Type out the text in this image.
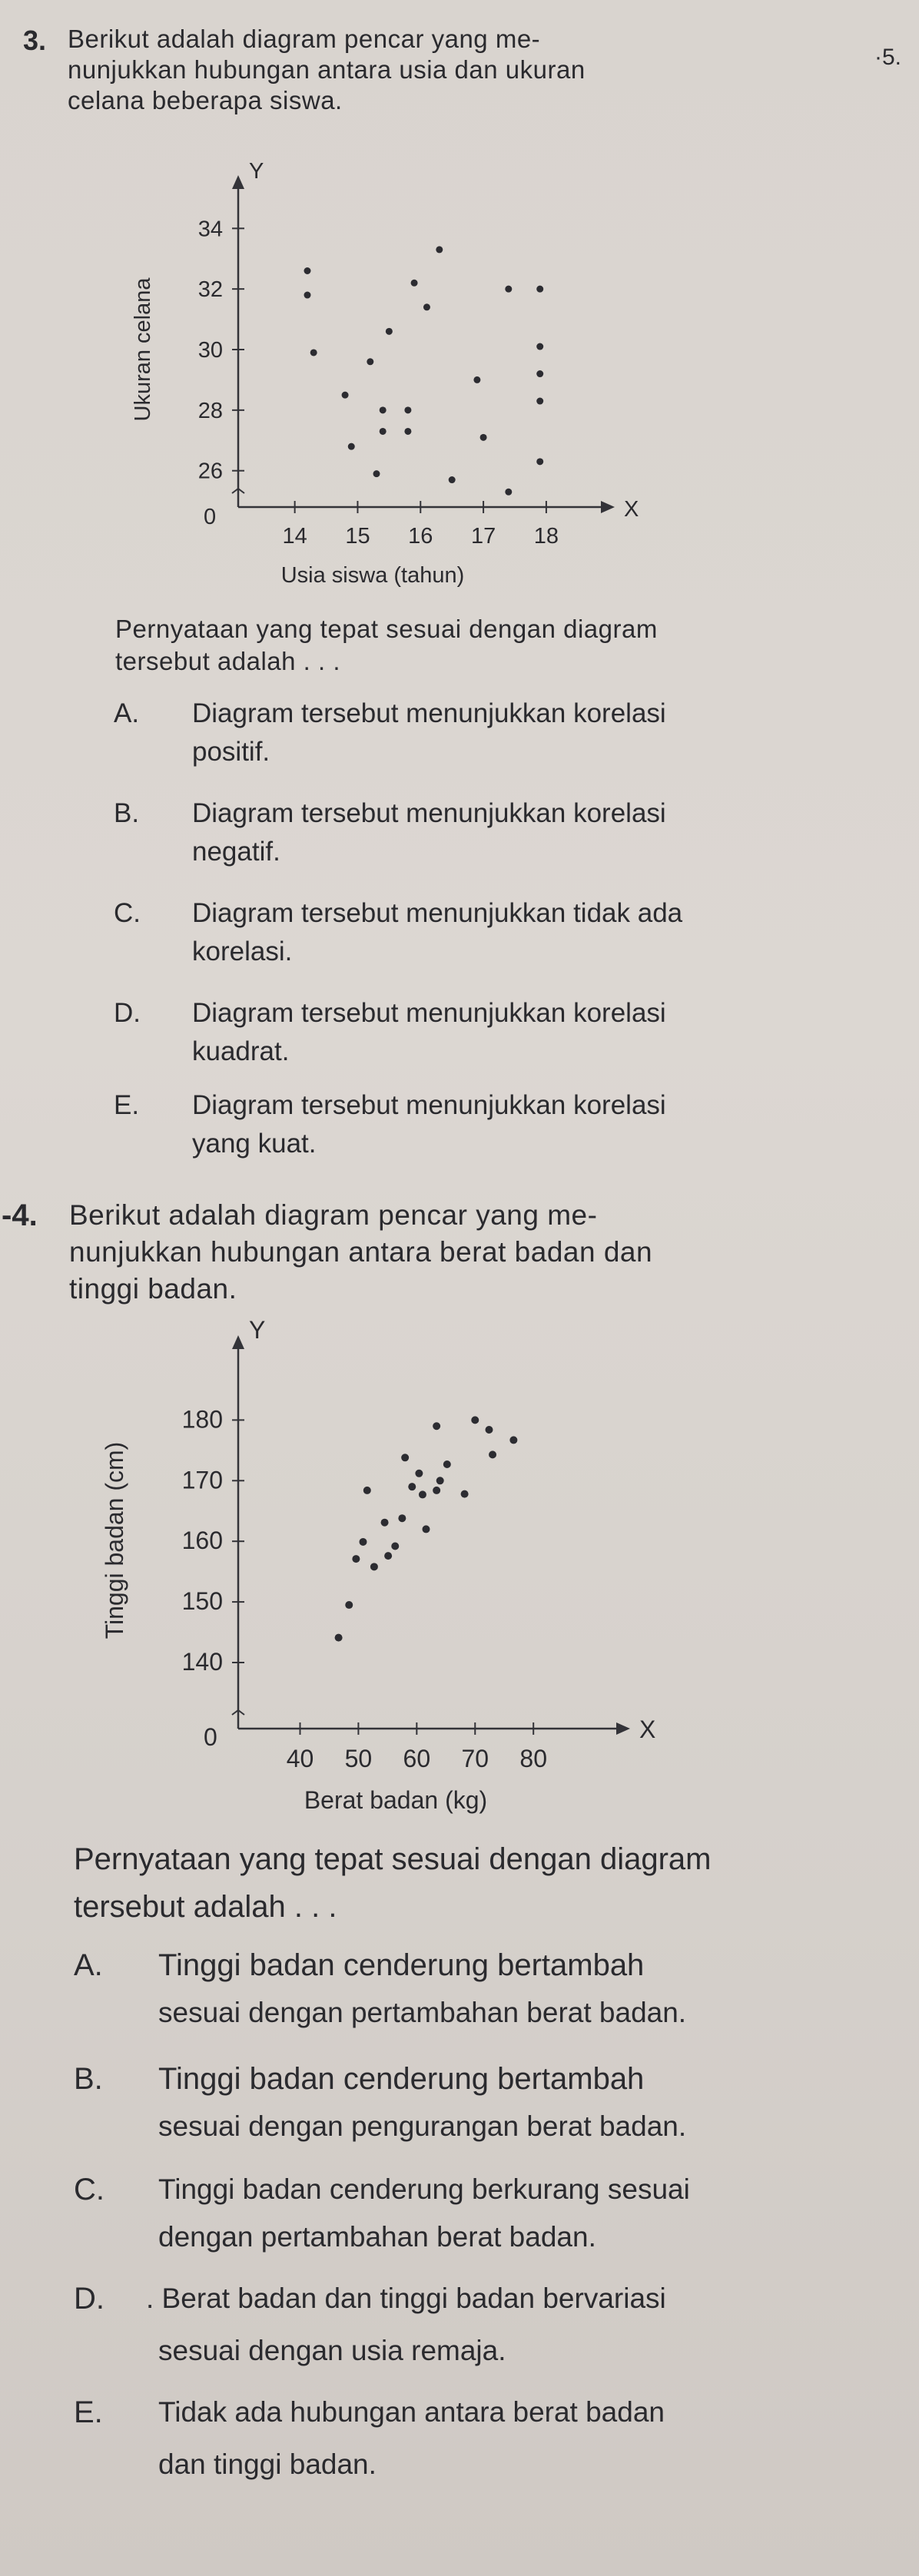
3. Berikut adalah diagram pencar yang me-
nunjukkan hubungan antara usia dan ukuran
celana beberapa siswa.
·5.
26
28
30
32
34
14 15 16 17 18
0
Y
X
Usia siswa (tahun)
Ukuran celana
Pernyataan yang tepat sesuai dengan diagram
tersebut adalah . . .
A. Diagram tersebut menunjukkan korelasi
positif.
B. Diagram tersebut menunjukkan korelasi
negatif.
C. Diagram tersebut menunjukkan tidak ada
korelasi.
D. Diagram tersebut menunjukkan korelasi
kuadrat.
E. Diagram tersebut menunjukkan korelasi
yang kuat.
-4. Berikut adalah diagram pencar yang me-
nunjukkan hubungan antara berat badan dan
tinggi badan.
140
150
160
170
180
40 50 60 70 80
0
Y
X
Berat badan (kg)
Tinggi badan (cm)
Pernyataan yang tepat sesuai dengan diagram
tersebut adalah . . .
A. Tinggi badan cenderung bertambah
sesuai dengan pertambahan berat badan.
B. Tinggi badan cenderung bertambah
sesuai dengan pengurangan berat badan.
C. Tinggi badan cenderung berkurang sesuai
dengan pertambahan berat badan.
D. . Berat badan dan tinggi badan bervariasi
sesuai dengan usia remaja.
E. Tidak ada hubungan antara berat badan
dan tinggi badan.
